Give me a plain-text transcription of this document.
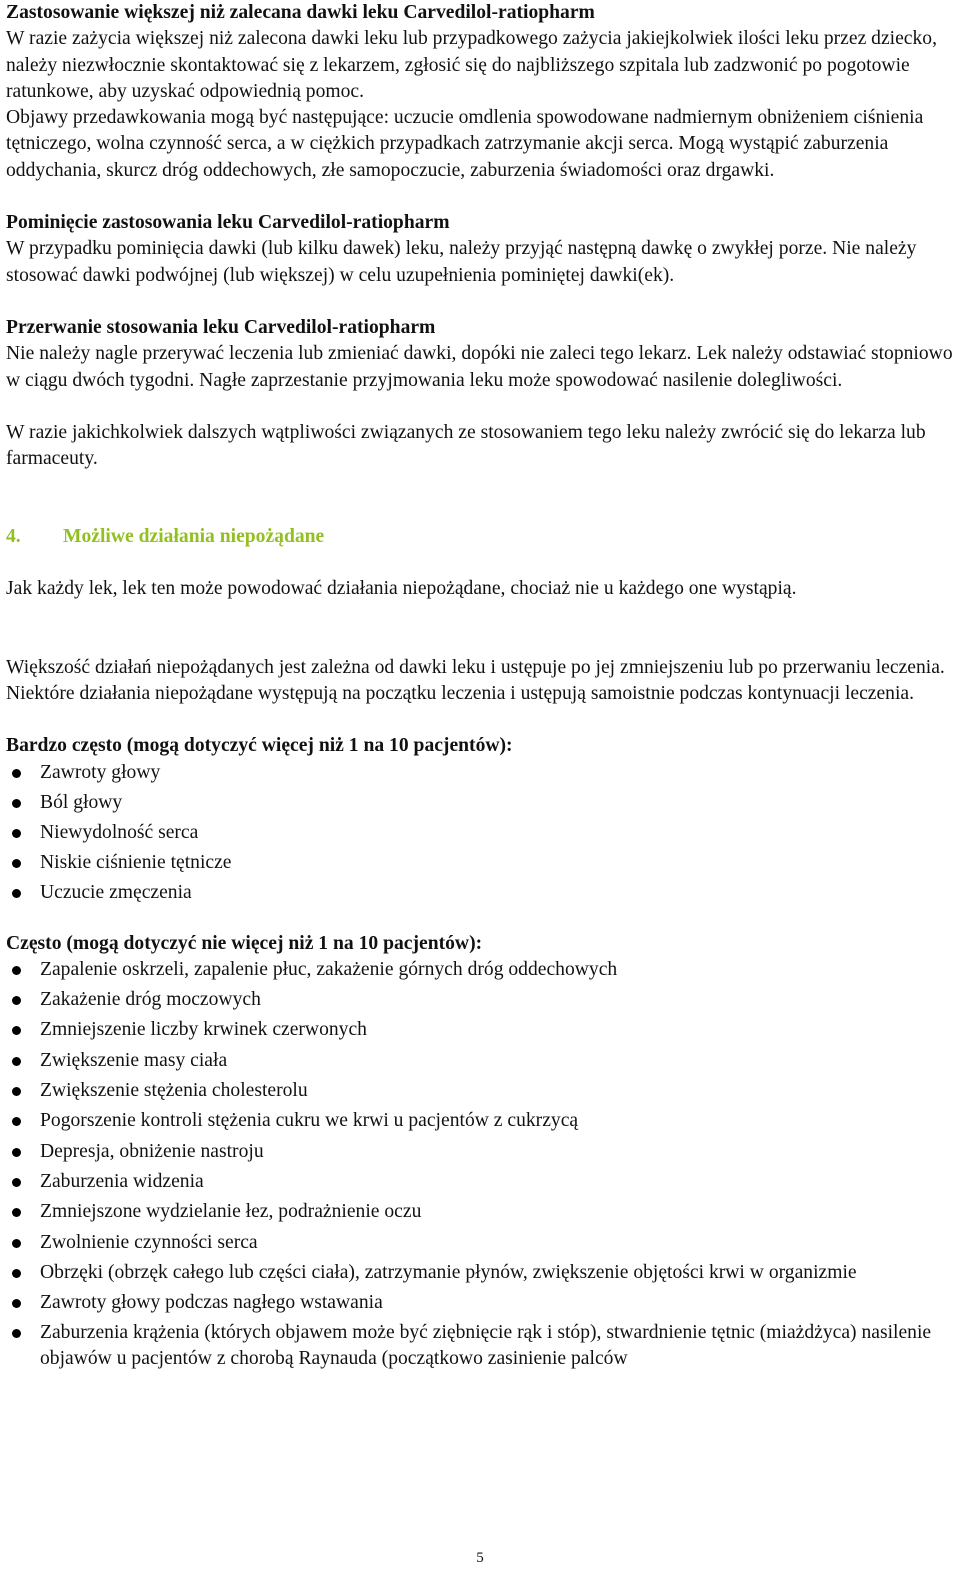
Zastosowanie większej niż zalecana dawki leku Carvedilol-ratiopharm
W razie zażycia większej niż zalecona dawki leku lub przypadkowego zażycia jakiejkolwiek ilości leku przez dziecko, należy niezwłocznie skontaktować się z lekarzem, zgłosić się do najbliższego szpitala lub zadzwonić po pogotowie ratunkowe, aby uzyskać odpowiednią pomoc.
Objawy przedawkowania mogą być następujące: uczucie omdlenia spowodowane nadmiernym obniżeniem ciśnienia tętniczego, wolna czynność serca, a w ciężkich przypadkach zatrzymanie akcji serca. Mogą wystąpić zaburzenia oddychania, skurcz dróg oddechowych, złe samopoczucie, zaburzenia świadomości oraz drgawki.
Pominięcie zastosowania leku Carvedilol-ratiopharm
W przypadku pominięcia dawki (lub kilku dawek) leku, należy przyjąć następną dawkę o zwykłej porze. Nie należy stosować dawki podwójnej (lub większej) w celu uzupełnienia pominiętej dawki(ek).
Przerwanie stosowania leku Carvedilol-ratiopharm
Nie należy nagle przerywać leczenia lub zmieniać dawki, dopóki nie zaleci tego lekarz. Lek należy odstawiać stopniowo w ciągu dwóch tygodni. Nagłe zaprzestanie przyjmowania leku może spowodować nasilenie dolegliwości.
W razie jakichkolwiek dalszych wątpliwości związanych ze stosowaniem tego leku należy zwrócić się do lekarza lub farmaceuty.
4. Możliwe działania niepożądane
Jak każdy lek, lek ten może powodować działania niepożądane, chociaż nie u każdego one wystąpią.
Większość działań niepożądanych jest zależna od dawki leku i ustępuje po jej zmniejszeniu lub po przerwaniu leczenia. Niektóre działania niepożądane występują na początku leczenia i ustępują samoistnie podczas kontynuacji leczenia.
Bardzo często (mogą dotyczyć więcej niż 1 na 10 pacjentów):
Zawroty głowy
Ból głowy
Niewydolność serca
Niskie ciśnienie tętnicze
Uczucie zmęczenia
Często (mogą dotyczyć nie więcej niż 1 na 10 pacjentów):
Zapalenie oskrzeli, zapalenie płuc, zakażenie górnych dróg oddechowych
Zakażenie dróg moczowych
Zmniejszenie liczby krwinek czerwonych
Zwiększenie masy ciała
Zwiększenie stężenia cholesterolu
Pogorszenie kontroli stężenia cukru we krwi u pacjentów z cukrzycą
Depresja, obniżenie nastroju
Zaburzenia widzenia
Zmniejszone wydzielanie łez, podrażnienie oczu
Zwolnienie czynności serca
Obrzęki (obrzęk całego lub części ciała), zatrzymanie płynów, zwiększenie objętości krwi w organizmie
Zawroty głowy podczas nagłego wstawania
Zaburzenia krążenia (których objawem może być ziębnięcie rąk i stóp), stwardnienie tętnic (miażdżyca) nasilenie objawów u pacjentów z chorobą Raynauda (początkowo zasinienie palców
5
